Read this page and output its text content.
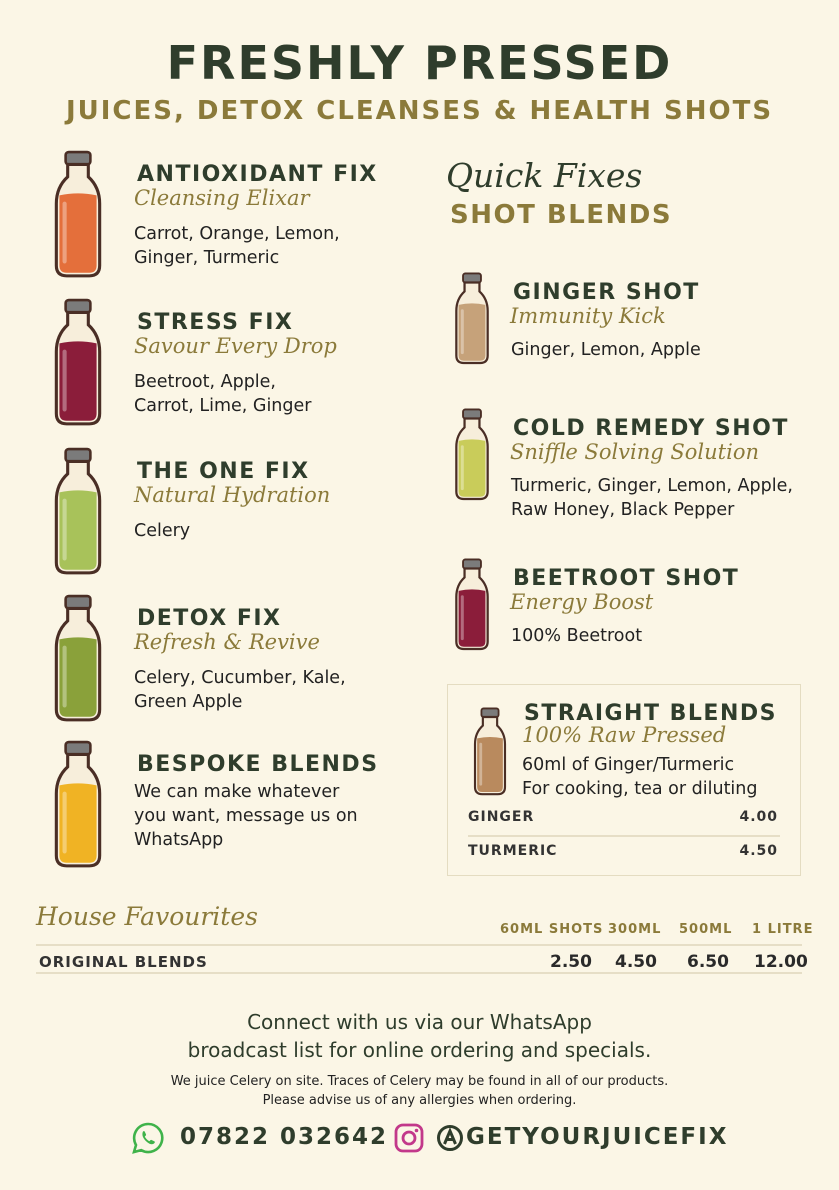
FRESHLY PRESSED
JUICES, DETOX CLEANSES & HEALTH SHOTS
ANTIOXIDANT FIX
Cleansing Elixar
Carrot, Orange, Lemon,
Ginger, Turmeric
STRESS FIX
Savour Every Drop
Beetroot, Apple,
Carrot, Lime, Ginger
THE ONE FIX
Natural Hydration
Celery
DETOX FIX
Refresh & Revive
Celery, Cucumber, Kale,
Green Apple
BESPOKE BLENDS
We can make whatever
you want, message us on
WhatsApp
Quick Fixes
SHOT BLENDS
GINGER SHOT
Immunity Kick
Ginger, Lemon, Apple
COLD REMEDY SHOT
Sniffle Solving Solution
Turmeric, Ginger, Lemon, Apple,
Raw Honey, Black Pepper
BEETROOT SHOT
Energy Boost
100% Beetroot
STRAIGHT BLENDS
100% Raw Pressed
60ml of Ginger/Turmeric
For cooking, tea or diluting
GINGER	4.00
TURMERIC	4.50
House Favourites	60ML SHOTS 300ML 500ML 1 LITRE
ORIGINAL BLENDS	2.50 4.50 6.50 12.00
Connect with us via our WhatsApp
broadcast list for online ordering and specials.
We juice Celery on site. Traces of Celery may be found in all of our products.
Please advise us of any allergies when ordering.
07822 032642	GETYOURJUICEFIX
